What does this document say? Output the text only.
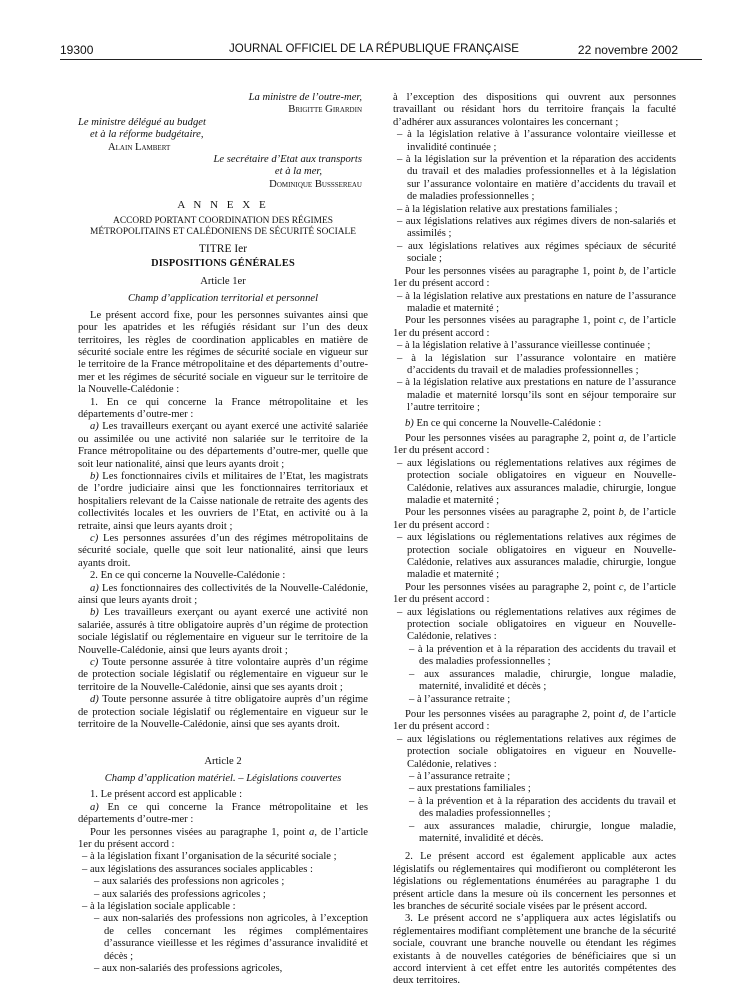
19300	JOURNAL OFFICIEL DE LA RÉPUBLIQUE FRANÇAISE	22 novembre 2002

La ministre de l’outre-mer,

Brigitte Girardin

Le ministre délégué au budget

et à la réforme budgétaire,

Alain Lambert

Le secrétaire d’Etat aux transports

et à la mer,

Dominique Busssereau

A N N E X E

ACCORD PORTANT COORDINATION DES RÉGIMES

MÉTROPOLITAINS ET CALÉDONIENS DE SÉCURITÉ SOCIALE

TITRE Ier

DISPOSITIONS GÉNÉRALES

Article 1er

Champ d’application territorial et personnel

Le présent accord fixe, pour les personnes suivantes ainsi que pour les apatrides et les réfugiés résidant sur l’un des deux territoires, les règles de coordination applicables en matière de sécurité sociale entre les régimes de sécurité sociale en vigueur sur le territoire de la France métropolitaine et des départements d’outre-mer et les régimes de sécurité sociale en vigueur sur le territoire de la Nouvelle-Calédonie :

1. En ce qui concerne la France métropolitaine et les départements d’outre-mer :

a) Les travailleurs exerçant ou ayant exercé une activité salariée ou assimilée ou une activité non salariée sur le territoire de la France métropolitaine ou des départements d’outre-mer, quelle que soit leur nationalité, ainsi que leurs ayants droit ;

b) Les fonctionnaires civils et militaires de l’Etat, les magistrats de l’ordre judiciaire ainsi que les fonctionnaires territoriaux et hospitaliers relevant de la Caisse nationale de retraite des agents des collectivités locales et les ouvriers de l’Etat, en activité ou à la retraite, ainsi que leurs ayants droit ;

c) Les personnes assurées d’un des régimes métropolitains de sécurité sociale, quelle que soit leur nationalité, ainsi que leurs ayants droit.

2. En ce qui concerne la Nouvelle-Calédonie :

a) Les fonctionnaires des collectivités de la Nouvelle-Calédonie, ainsi que leurs ayants droit ;

b) Les travailleurs exerçant ou ayant exercé une activité non salariée, assurés à titre obligatoire auprès d’un régime de protection sociale législatif ou réglementaire en vigueur sur le territoire de la Nouvelle-Calédonie, ainsi que leurs ayants droit ;

c) Toute personne assurée à titre volontaire auprès d’un régime de protection sociale législatif ou réglementaire en vigueur sur le territoire de la Nouvelle-Calédonie, ainsi que ses ayants droit ;

d) Toute personne assurée à titre obligatoire auprès d’un régime de protection sociale législatif ou réglementaire en vigueur sur le territoire de la Nouvelle-Calédonie, ainsi que ses ayants droit.

Article 2

Champ d’application matériel. – Législations couvertes

1. Le présent accord est applicable :

a) En ce qui concerne la France métropolitaine et les départements d’outre-mer :

Pour les personnes visées au paragraphe 1, point a, de l’article 1er du présent accord :

– à la législation fixant l’organisation de la sécurité sociale ;

– aux législations des assurances sociales applicables :

– aux salariés des professions non agricoles ;

– aux salariés des professions agricoles ;

– à la législation sociale applicable :

– aux non-salariés des professions non agricoles, à l’exception de celles concernant les régimes complémentaires d’assurance vieillesse et les régimes d’assurance invalidité et décès ;

– aux non-salariés des professions agricoles,

à l’exception des dispositions qui ouvrent aux personnes travaillant ou résidant hors du territoire français la faculté d’adhérer aux assurances volontaires les concernant ;

– à la législation relative à l’assurance volontaire vieillesse et invalidité continuée ;

– à la législation sur la prévention et la réparation des accidents du travail et des maladies professionnelles et à la législation sur l’assurance volontaire en matière d’accidents du travail et de maladies professionnelles ;

– à la législation relative aux prestations familiales ;

– aux législations relatives aux régimes divers de non-salariés et assimilés ;

– aux législations relatives aux régimes spéciaux de sécurité sociale ;

Pour les personnes visées au paragraphe 1, point b, de l’article 1er du présent accord :

– à la législation relative aux prestations en nature de l’assurance maladie et maternité ;

Pour les personnes visées au paragraphe 1, point c, de l’article 1er du présent accord :

– à la législation relative à l’assurance vieillesse continuée ;

– à la législation sur l’assurance volontaire en matière d’accidents du travail et de maladies professionnelles ;

– à la législation relative aux prestations en nature de l’assurance maladie et maternité lorsqu’ils sont en séjour temporaire sur l’autre territoire ;

b) En ce qui concerne la Nouvelle-Calédonie :

Pour les personnes visées au paragraphe 2, point a, de l’article 1er du présent accord :

– aux législations ou réglementations relatives aux régimes de protection sociale obligatoires en vigueur en Nouvelle-Calédonie, relatives aux assurances maladie, chirurgie, longue maladie et maternité ;

Pour les personnes visées au paragraphe 2, point b, de l’article 1er du présent accord :

– aux législations ou réglementations relatives aux régimes de protection sociale obligatoires en vigueur en Nouvelle-Calédonie, relatives aux assurances maladie, chirurgie, longue maladie et maternité ;

Pour les personnes visées au paragraphe 2, point c, de l’article 1er du présent accord :

– aux législations ou réglementations relatives aux régimes de protection sociale obligatoires en vigueur en Nouvelle-Calédonie, relatives :

– à la prévention et à la réparation des accidents du travail et des maladies professionnelles ;

– aux assurances maladie, chirurgie, longue maladie, maternité, invalidité et décès ;

– à l’assurance retraite ;

Pour les personnes visées au paragraphe 2, point d, de l’article 1er du présent accord :

– aux législations ou réglementations relatives aux régimes de protection sociale obligatoires en vigueur en Nouvelle-Calédonie, relatives :

– à l’assurance retraite ;

– aux prestations familiales ;

– à la prévention et à la réparation des accidents du travail et des maladies professionnelles ;

– aux assurances maladie, chirurgie, longue maladie, maternité, invalidité et décès.

2. Le présent accord est également applicable aux actes législatifs ou réglementaires qui modifieront ou compléteront les législations ou réglementations énumérées au paragraphe 1 du présent article dans la mesure où ils concernent les personnes et les branches de sécurité sociale visées par le présent accord.

3. Le présent accord ne s’appliquera aux actes législatifs ou réglementaires modifiant complètement une branche de la sécurité sociale, couvrant une branche nouvelle ou étendant les régimes existants à de nouvelles catégories de bénéficiaires que si un accord intervient à cet effet entre les autorités compétentes des deux territoires.
